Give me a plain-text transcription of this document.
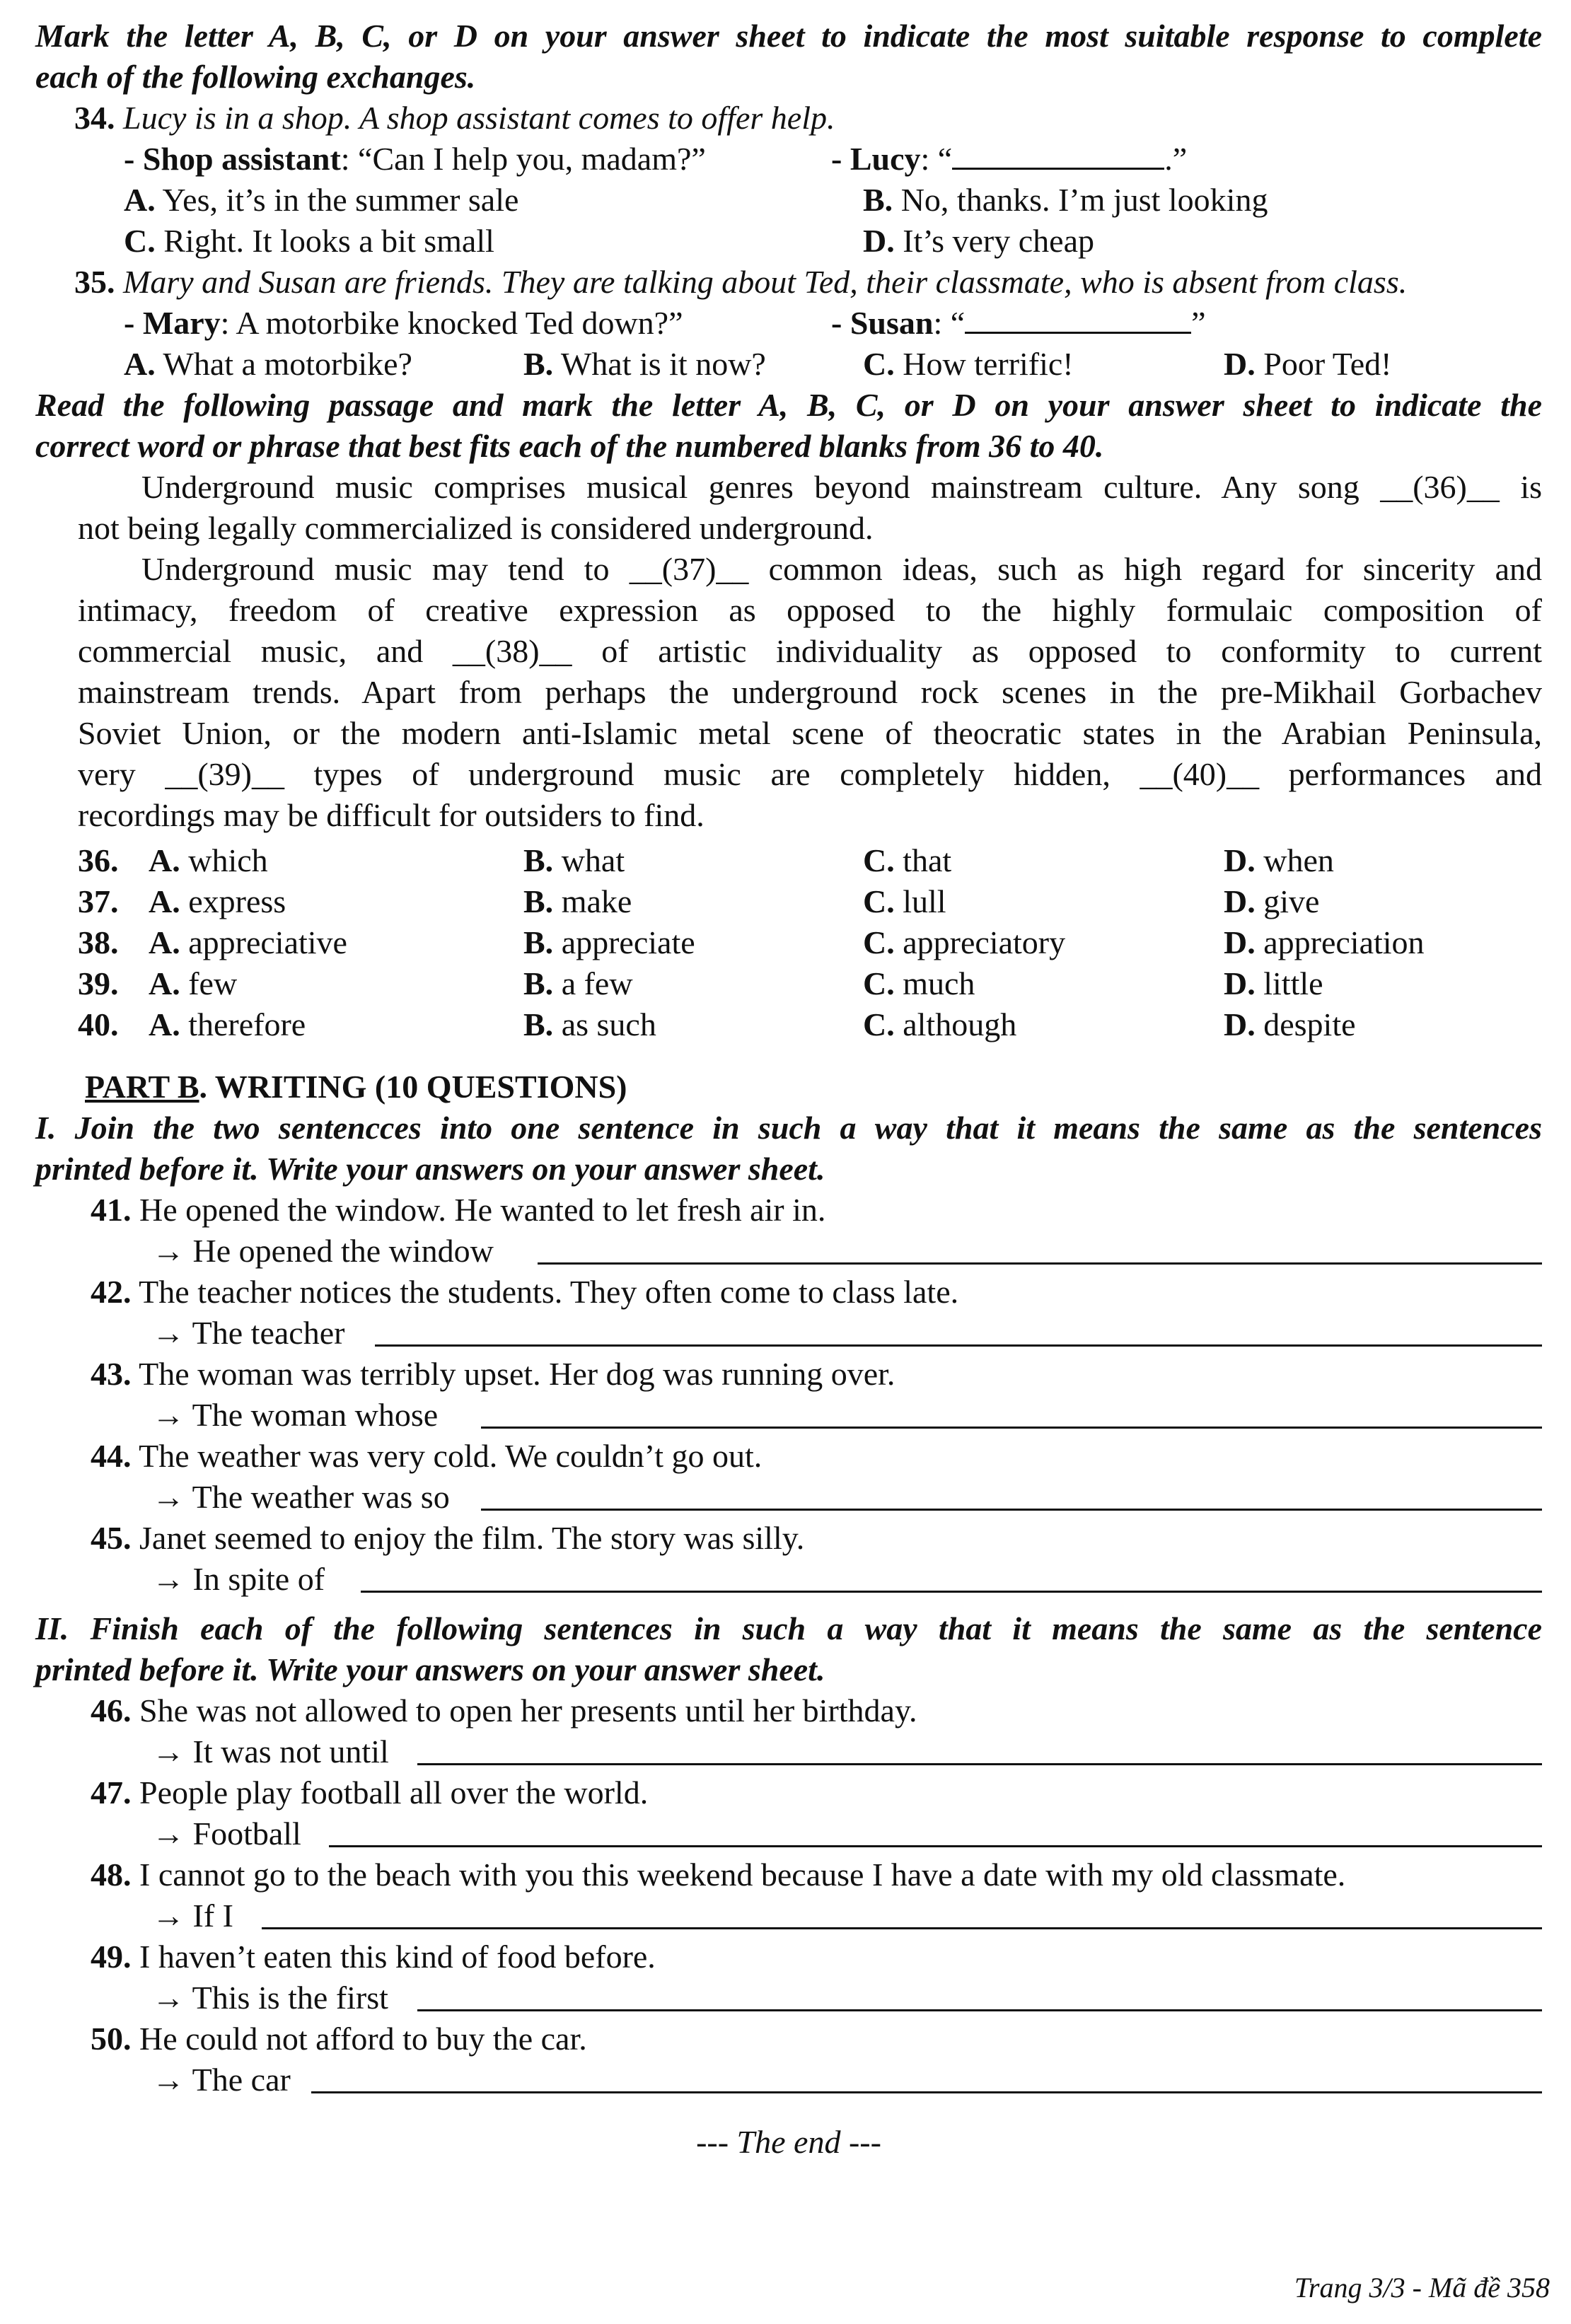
Mark the letter A, B, C, or D on your answer sheet to indicate the most suitable response to complete
each of the following exchanges.
34. Lucy is in a shop. A shop assistant comes to offer help.
- Shop assistant: “Can I help you, madam?”	- Lucy: “	.”
A. Yes, it’s in the summer sale	B. No, thanks. I’m just looking
C. Right. It looks a bit small	D. It’s very cheap
35. Mary and Susan are friends. They are talking about Ted, their classmate, who is absent from class.
- Mary: A motorbike knocked Ted down?”	- Susan: “	”
A. What a motorbike?	B. What is it now?	C. How terrific!	D. Poor Ted!
Read the following passage and mark the letter A, B, C, or D on your answer sheet to indicate the
correct word or phrase that best fits each of the numbered blanks from 36 to 40.
Underground music comprises musical genres beyond mainstream culture. Any song __(36)__ is
not being legally commercialized is considered underground.
Underground music may tend to __(37)__ common ideas, such as high regard for sincerity and
intimacy, freedom of creative expression as opposed to the highly formulaic composition of
commercial music, and __(38)__ of artistic individuality as opposed to conformity to current
mainstream trends. Apart from perhaps the underground rock scenes in the pre-Mikhail Gorbachev
Soviet Union, or the modern anti-Islamic metal scene of theocratic states in the Arabian Peninsula,
very __(39)__ types of underground music are completely hidden, __(40)__ performances and
recordings may be difficult for outsiders to find.
36. A. which	B. what	C. that	D. when
37. A. express	B. make	C. lull	D. give
38. A. appreciative	B. appreciate	C. appreciatory	D. appreciation
39. A. few	B. a few	C. much	D. little
40. A. therefore	B. as such	C. although	D. despite
PART B. WRITING (10 QUESTIONS)
I. Join the two sentencces into one sentence in such a way that it means the same as the sentences
printed before it. Write your answers on your answer sheet.
41. He opened the window. He wanted to let fresh air in.
→ He opened the window
42. The teacher notices the students. They often come to class late.
→ The teacher
43. The woman was terribly upset. Her dog was running over.
→ The woman whose
44. The weather was very cold. We couldn’t go out.
→ The weather was so
45. Janet seemed to enjoy the film. The story was silly.
→ In spite of
II. Finish each of the following sentences in such a way that it means the same as the sentence
printed before it. Write your answers on your answer sheet.
46. She was not allowed to open her presents until her birthday.
→ It was not until
47. People play football all over the world.
→ Football
48. I cannot go to the beach with you this weekend because I have a date with my old classmate.
→ If I
49. I haven’t eaten this kind of food before.
→ This is the first
50. He could not afford to buy the car.
→ The car
--- The end ---
Trang 3/3 - Mã đề 358
